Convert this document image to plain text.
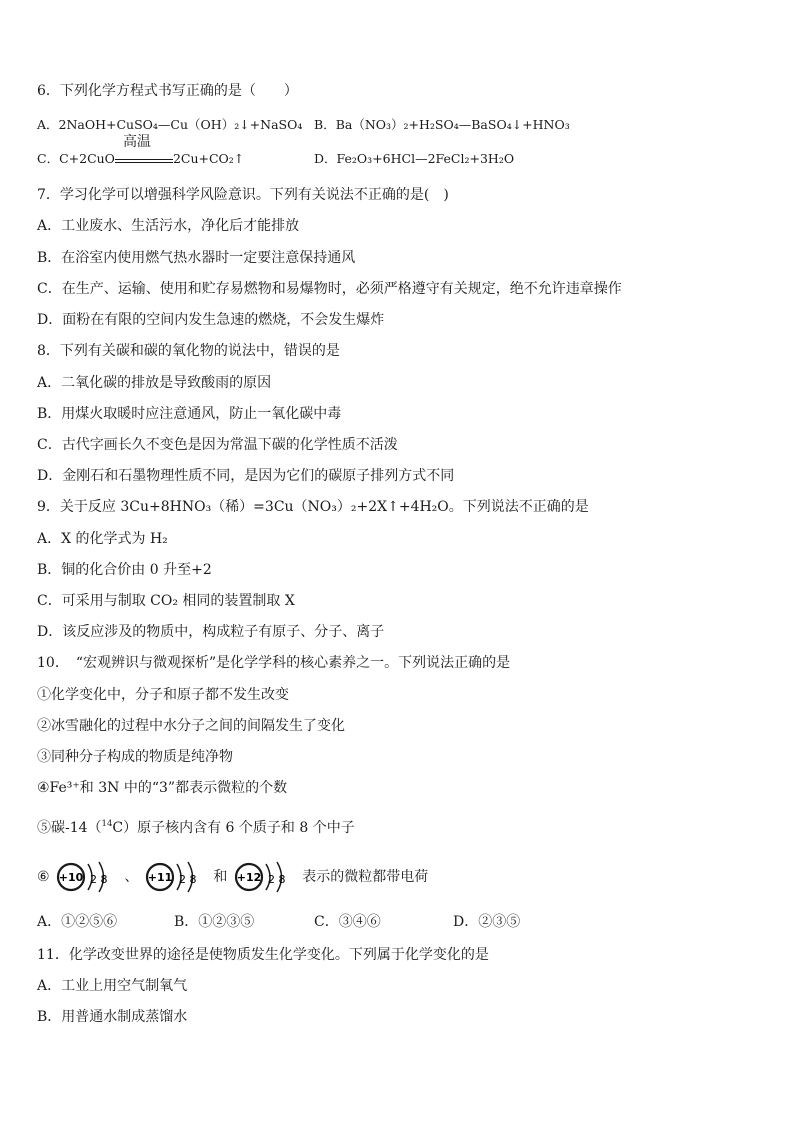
6．下列化学方程式书写正确的是（　　）
A．2NaOH+CuSO₄—Cu（OH）₂↓+NaSO₄ B．Ba（NO₃）₂+H₂SO₄—BaSO₄↓+HNO₃
C．C+2CuO
高温
2Cu+CO₂↑	D．Fe₂O₃+6HCl—2FeCl₂+3H₂O
7．学习化学可以增强科学风险意识。下列有关说法不正确的是(　)
A．工业废水、生活污水，净化后才能排放
B．在浴室内使用燃气热水器时一定要注意保持通风
C．在生产、运输、使用和贮存易燃物和易爆物时，必须严格遵守有关规定，绝不允许违章操作
D．面粉在有限的空间内发生急速的燃烧，不会发生爆炸
8．下列有关碳和碳的氧化物的说法中，错误的是
A．二氧化碳的排放是导致酸雨的原因
B．用煤火取暖时应注意通风，防止一氧化碳中毒
C．古代字画长久不变色是因为常温下碳的化学性质不活泼
D．金刚石和石墨物理性质不同，是因为它们的碳原子排列方式不同
9．关于反应 3Cu+8HNO₃（稀）=3Cu（NO₃）₂+2X↑+4H₂O。下列说法不正确的是
A．X 的化学式为 H₂
B．铜的化合价由 0 升至+2
C．可采用与制取 CO₂ 相同的装置制取 X
D．该反应涉及的物质中，构成粒子有原子、分子、离子
10．　“宏观辨识与微观探析”是化学学科的核心素养之一。下列说法正确的是
①化学变化中，分子和原子都不发生改变
②冰雪融化的过程中水分子之间的间隔发生了变化
③同种分子构成的物质是纯净物
④Fe³⁺和 3N 中的“3”都表示微粒的个数
⑤碳-14（$^{14}$C）原子核内含有 6 个质子和 8 个中子
⑥ +10 2 8 、 +11 2 8 和 +12 2 8 表示的微粒都带电荷
A．①②⑤⑥	B．①②③⑤	C．③④⑥	D．②③⑤
11．化学改变世界的途径是使物质发生化学变化。下列属于化学变化的是
A．工业上用空气制氧气
B．用普通水制成蒸馏水
